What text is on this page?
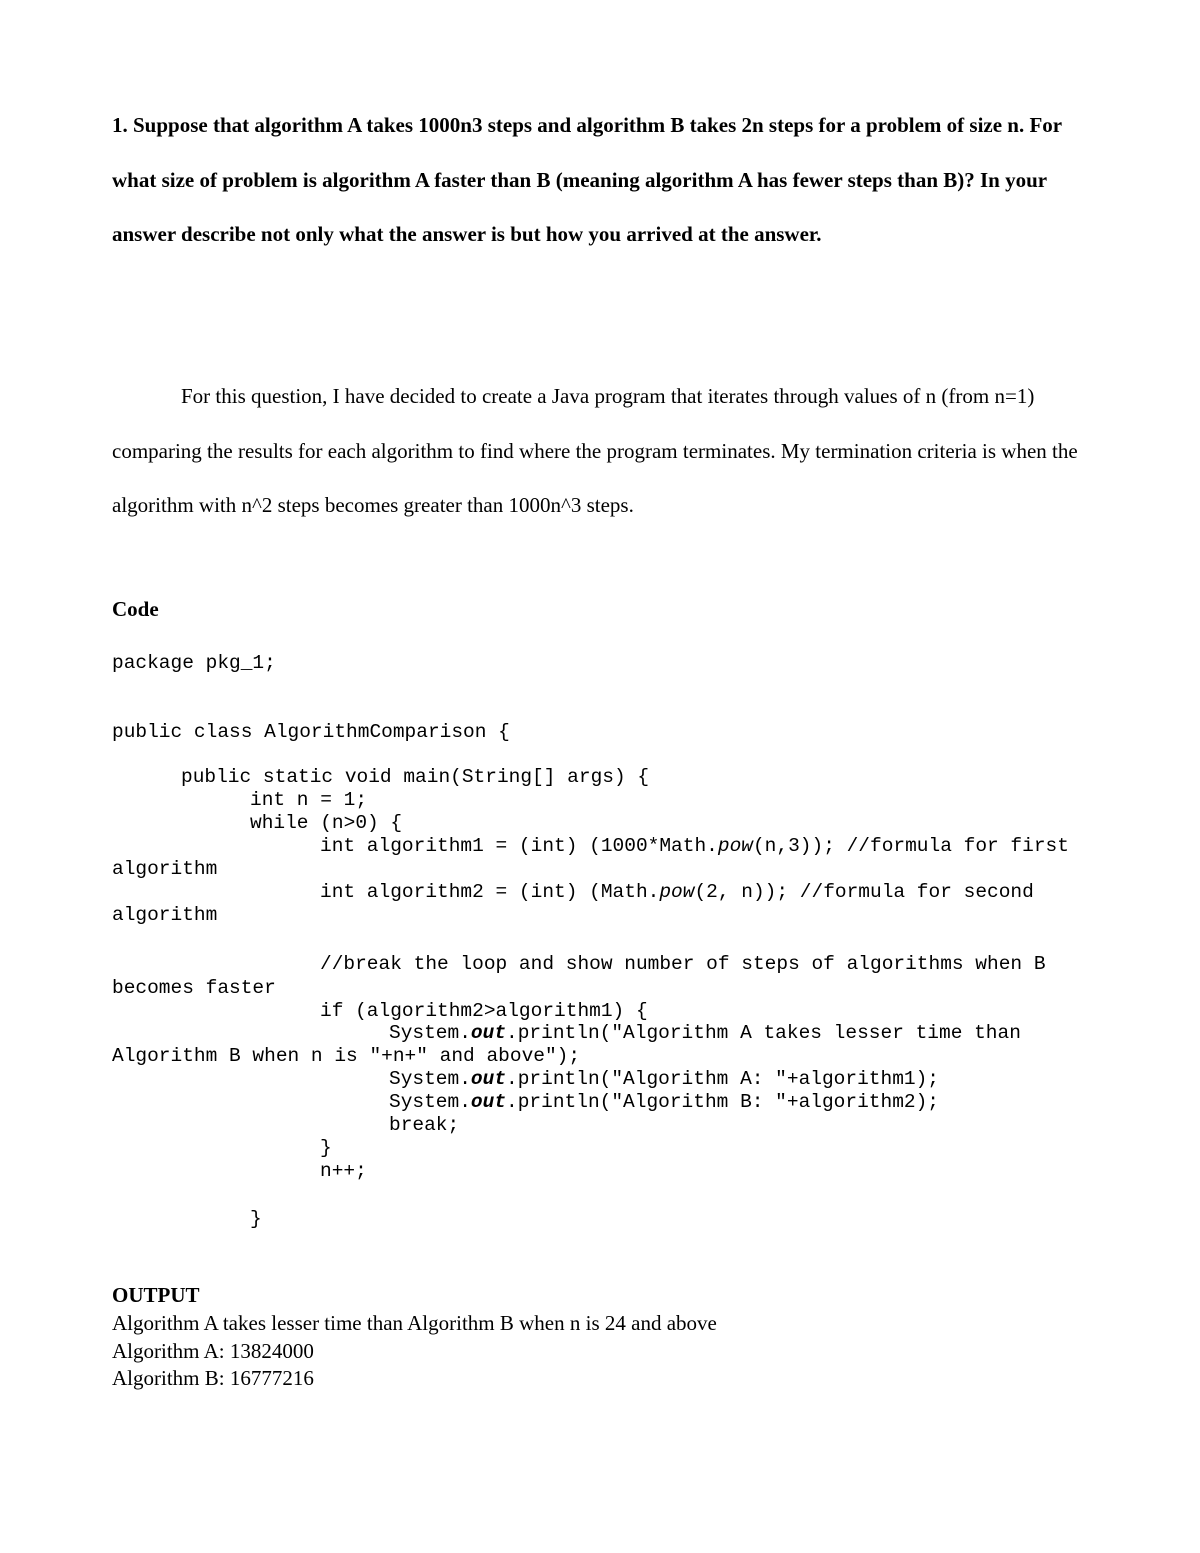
1. Suppose that algorithm A takes 1000n3 steps and algorithm B takes 2n steps for a problem of size n. For what size of problem is algorithm A faster than B (meaning algorithm A has fewer steps than B)? In your answer describe not only what the answer is but how you arrived at the answer.

For this question, I have decided to create a Java program that iterates through values of n (from n=1) comparing the results for each algorithm to find where the program terminates. My termination criteria is when the algorithm with n^2 steps becomes greater than 1000n^3 steps.

Code

package pkg_1;
public class AlgorithmComparison {
public static void main(String[] args) {
int n = 1;
while (n>0) {
int algorithm1 = (int) (1000*Math.pow(n,3)); //formula for first
algorithm
int algorithm2 = (int) (Math.pow(2, n)); //formula for second
algorithm
//break the loop and show number of steps of algorithms when B
becomes faster
if (algorithm2>algorithm1) {
System.out.println("Algorithm A takes lesser time than
Algorithm B when n is "+n+" and above");
System.out.println("Algorithm A: "+algorithm1);
System.out.println("Algorithm B: "+algorithm2);
break;
}
n++;
}

OUTPUT

Algorithm A takes lesser time than Algorithm B when n is 24 and above

Algorithm A: 13824000

Algorithm B: 16777216
